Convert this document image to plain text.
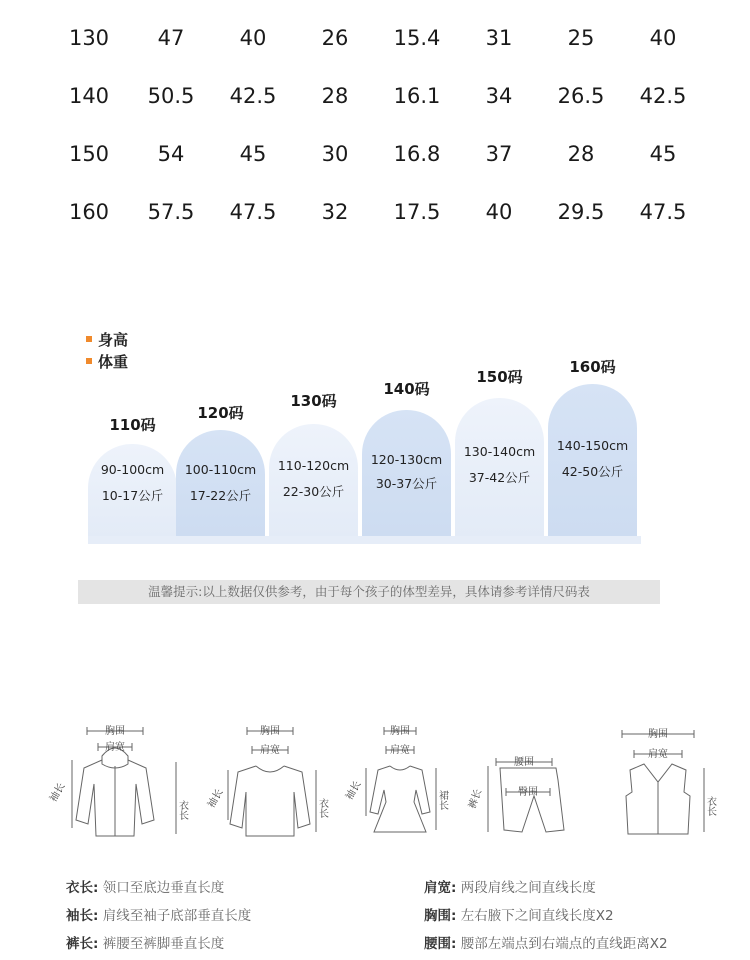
130 47	40	26 15.4 31	25	40
140 50.5 42.5 28 16.1 34 26.5 42.5
150 54	45	30 16.8 37	28	45
160 57.5 47.5 32 17.5 40 29.5 47.5
身高
体重
110码
90-100cm
10-17公斤
120码
100-110cm
17-22公斤
130码
110-120cm
22-30公斤
140码
120-130cm
30-37公斤
150码
130-140cm
37-42公斤
160码
140-150cm
42-50公斤
温馨提示:以上数据仅供参考，由于每个孩子的体型差异，具体请参考详情尺码表
胸围
肩宽
袖长
衣长
胸围
肩宽
袖长	衣长
胸围
肩宽
袖长	裙长
腰围
臀围
裤长
胸围
肩宽
衣长
衣长: 领口至底边垂直长度	肩宽: 两段肩线之间直线长度
袖长: 肩线至袖子底部垂直长度	胸围: 左右腋下之间直线长度X2
裤长: 裤腰至裤脚垂直长度	腰围: 腰部左端点到右端点的直线距离X2
